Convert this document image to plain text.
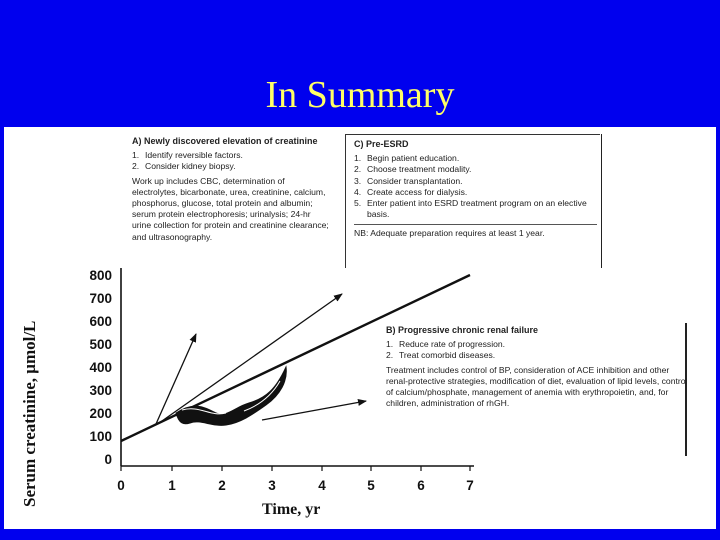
In Summary
Serum creatinine, μmol/L
800
700
600
500
400
300
200
100
0
0	1	2	3	4	5	6	7
Time, yr
A) Newly discovered elevation of creatinine
1. Identify reversible factors.
2. Consider kidney biopsy.

Work up includes CBC, determination of electrolytes, bicarbonate, urea, creatinine, calcium, phosphorus, glucose, total protein and albumin; serum protein electrophoresis; urinalysis; 24-hr urine collection for protein and creatinine clearance; and ultrasonography.

C) Pre-ESRD
1. Begin patient education.
2. Choose treatment modality.
3. Consider transplantation.
4. Create access for dialysis.
5. Enter patient into ESRD treatment program on an elective basis.
NB: Adequate preparation requires at least 1 year.
B) Progressive chronic renal failure
1. Reduce rate of progression.
2. Treat comorbid diseases.

Treatment includes control of BP, consideration of ACE inhibition and other renal-protective strategies, modification of diet, evaluation of lipid levels, control of calcium/phosphate, management of anemia with erythropoietin, and, for children, administration of rhGH.
